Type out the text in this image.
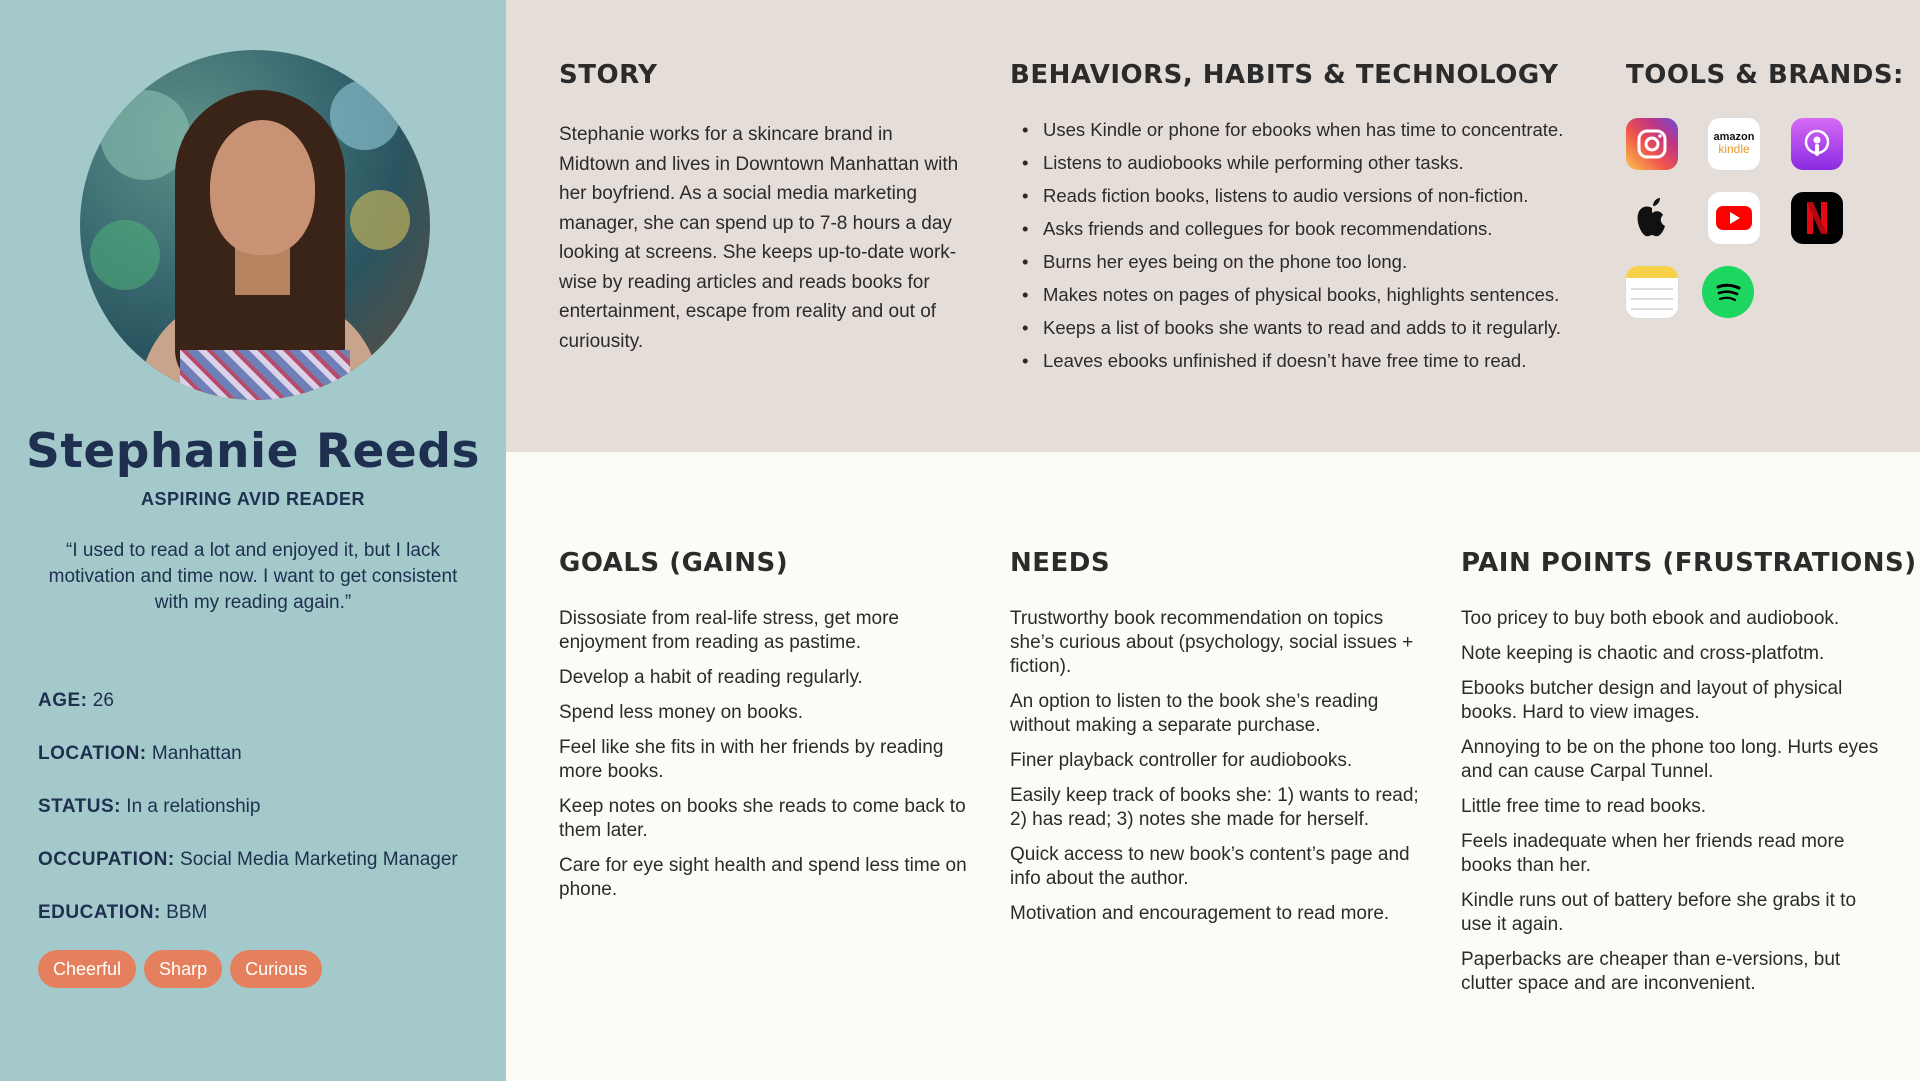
Stephanie Reeds
ASPIRING AVID READER
“I used to read a lot and enjoyed it, but I lack motivation and time now. I want to get consistent with my reading again.”
AGE: 26
LOCATION: Manhattan
STATUS: In a relationship
OCCUPATION: Social Media Marketing Manager
EDUCATION: BBM
Cheerful	Sharp	Curious
STORY
Stephanie works for a skincare brand in Midtown and lives in Downtown Manhattan with her boyfriend. As a social media marketing manager, she can spend up to 7-8 hours a day looking at screens. She keeps up-to-date work-wise by reading articles and reads books for entertainment, escape from reality and out of curiousity.
BEHAVIORS, HABITS & TECHNOLOGY
• Uses Kindle or phone for ebooks when has time to concentrate.
• Listens to audiobooks while performing other tasks.
• Reads fiction books, listens to audio versions of non-fiction.
• Asks friends and collegues for book recommendations.
• Burns her eyes being on the phone too long.
• Makes notes on pages of physical books, highlights sentences.
• Keeps a list of books she wants to read and adds to it regularly.
• Leaves ebooks unfinished if doesn’t have free time to read.
TOOLS & BRANDS:
amazon
kindle
GOALS (GAINS)

Dissosiate from real-life stress, get more enjoyment from reading as pastime.

Develop a habit of reading regularly.

Spend less money on books.

Feel like she fits in with her friends by reading more books.

Keep notes on books she reads to come back to them later.

Care for eye sight health and spend less time on phone.

NEEDS

Trustworthy book recommendation on topics she’s curious about (psychology, social issues + fiction).

An option to listen to the book she’s reading without making a separate purchase.

Finer playback controller for audiobooks.

Easily keep track of books she: 1) wants to read; 2) has read; 3) notes she made for herself.

Quick access to new book’s content’s page and info about the author.

Motivation and encouragement to read more.

PAIN POINTS (FRUSTRATIONS)

Too pricey to buy both ebook and audiobook.

Note keeping is chaotic and cross-platfotm.

Ebooks butcher design and layout of physical books. Hard to view images.

Annoying to be on the phone too long. Hurts eyes and can cause Carpal Tunnel.

Little free time to read books.

Feels inadequate when her friends read more books than her.

Kindle runs out of battery before she grabs it to use it again.

Paperbacks are cheaper than e-versions, but clutter space and are inconvenient.
